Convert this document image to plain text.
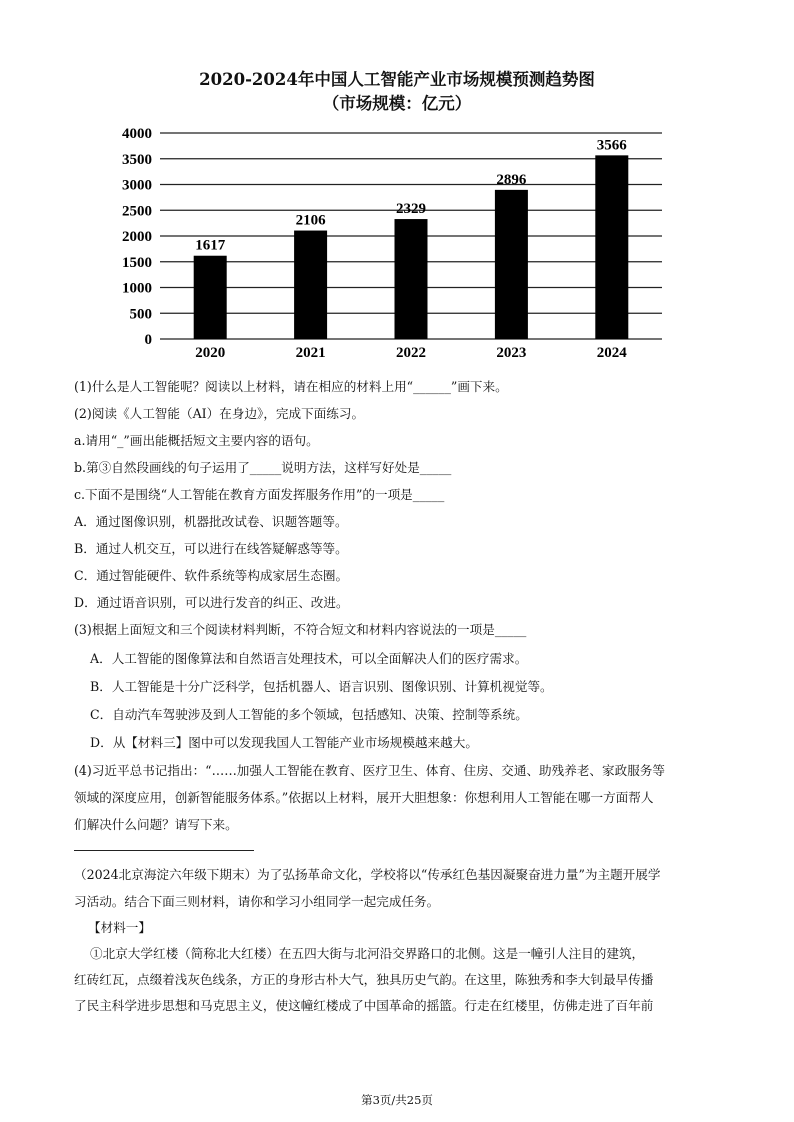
2020-2024年中国人工智能产业市场规模预测趋势图
（市场规模：亿元）
0
500
1000
1500
2000
2500
3000
3500
4000
1617
2106
2329
2896
3566
2020	2021	2022	2023	2024
(1)什么是人工智能呢？阅读以上材料，请在相应的材料上用“______”画下来。
(2)阅读《人工智能（AI）在身边》，完成下面练习。
a.请用“_”画出能概括短文主要内容的语句。
b.第③自然段画线的句子运用了_____说明方法，这样写好处是_____
c.下面不是围绕“人工智能在教育方面发挥服务作用”的一项是_____
A．通过图像识别，机器批改试卷、识题答题等。
B．通过人机交互，可以进行在线答疑解惑等等。
C．通过智能硬件、软件系统等构成家居生态圈。
D．通过语音识别，可以进行发音的纠正、改进。
(3)根据上面短文和三个阅读材料判断，不符合短文和材料内容说法的一项是_____
A．人工智能的图像算法和自然语言处理技术，可以全面解决人们的医疗需求。
B．人工智能是十分广泛科学，包括机器人、语言识别、图像识别、计算机视觉等。
C．自动汽车驾驶涉及到人工智能的多个领域，包括感知、决策、控制等系统。
D．从【材料三】图中可以发现我国人工智能产业市场规模越来越大。
(4)习近平总书记指出：“……加强人工智能在教育、医疗卫生、体育、住房、交通、助残养老、家政服务等
领域的深度应用，创新智能服务体系。”依据以上材料，展开大胆想象：你想利用人工智能在哪一方面帮人
们解决什么问题？请写下来。
（2024北京海淀六年级下期末）为了弘扬革命文化，学校将以“传承红色基因凝聚奋进力量”为主题开展学
习活动。结合下面三则材料，请你和学习小组同学一起完成任务。
【材料一】
①北京大学红楼（简称北大红楼）在五四大街与北河沿交界路口的北侧。这是一幢引人注目的建筑，
红砖红瓦，点缀着浅灰色线条，方正的身形古朴大气，独具历史气韵。在这里，陈独秀和李大钊最早传播
了民主科学进步思想和马克思主义，使这幢红楼成了中国革命的摇篮。行走在红楼里，仿佛走进了百年前
第3页/共25页
